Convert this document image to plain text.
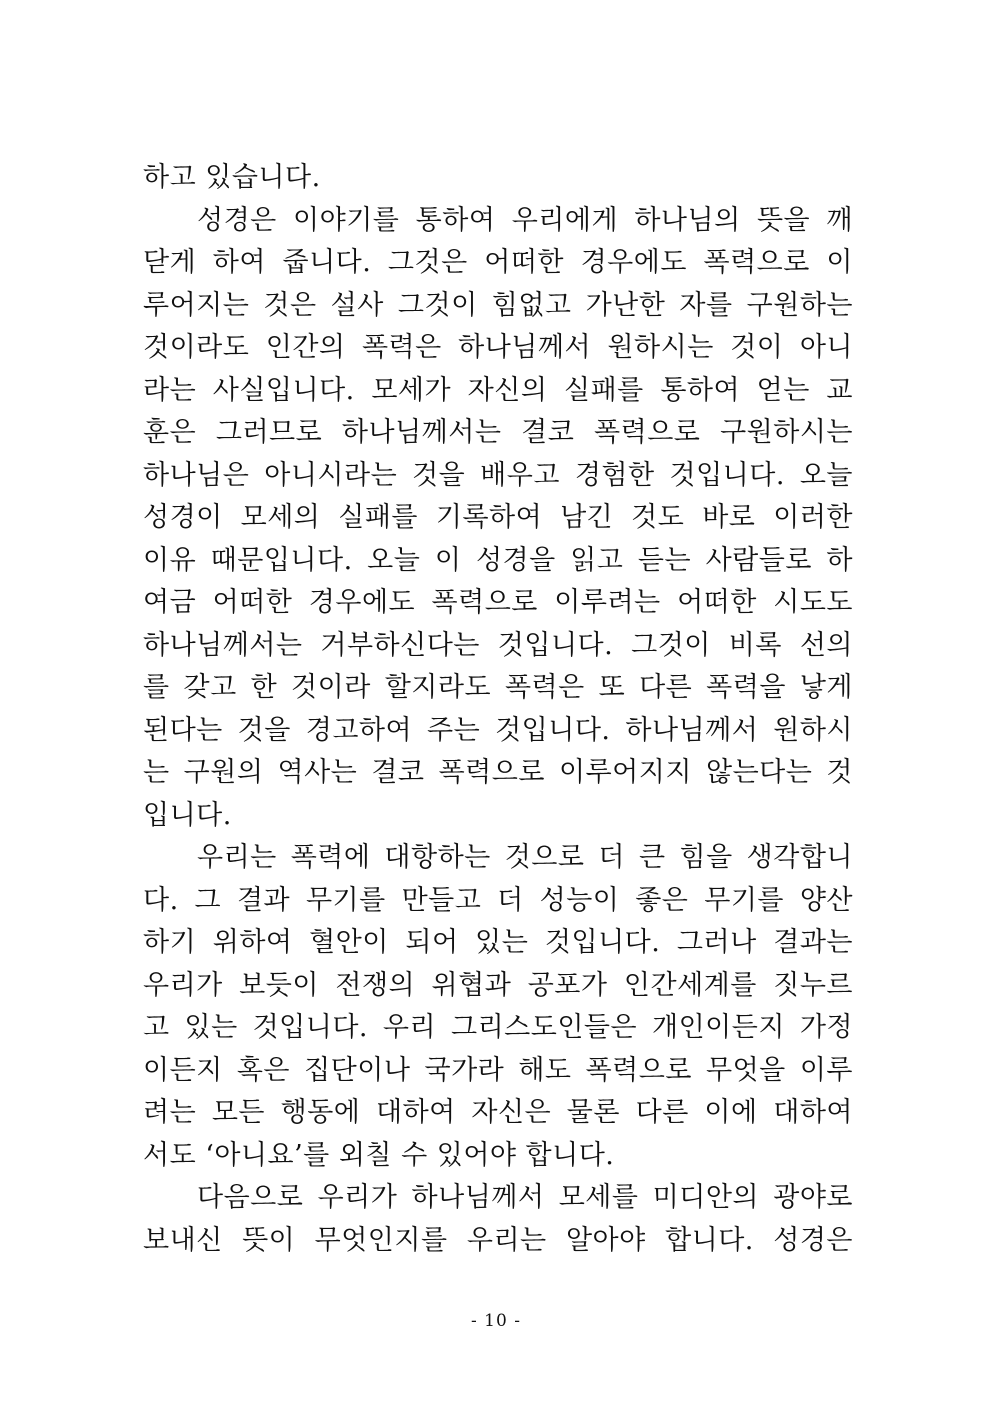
하고 있습니다.
성경은 이야기를 통하여 우리에게 하나님의 뜻을 깨
닫게 하여 줍니다. 그것은 어떠한 경우에도 폭력으로 이
루어지는 것은 설사 그것이 힘없고 가난한 자를 구원하는
것이라도 인간의 폭력은 하나님께서 원하시는 것이 아니
라는 사실입니다. 모세가 자신의 실패를 통하여 얻는 교
훈은 그러므로 하나님께서는 결코 폭력으로 구원하시는
하나님은 아니시라는 것을 배우고 경험한 것입니다. 오늘
성경이 모세의 실패를 기록하여 남긴 것도 바로 이러한
이유 때문입니다. 오늘 이 성경을 읽고 듣는 사람들로 하
여금 어떠한 경우에도 폭력으로 이루려는 어떠한 시도도
하나님께서는 거부하신다는 것입니다. 그것이 비록 선의
를 갖고 한 것이라 할지라도 폭력은 또 다른 폭력을 낳게
된다는 것을 경고하여 주는 것입니다. 하나님께서 원하시
는 구원의 역사는 결코 폭력으로 이루어지지 않는다는 것
입니다.
우리는 폭력에 대항하는 것으로 더 큰 힘을 생각합니
다. 그 결과 무기를 만들고 더 성능이 좋은 무기를 양산
하기 위하여 혈안이 되어 있는 것입니다. 그러나 결과는
우리가 보듯이 전쟁의 위협과 공포가 인간세계를 짓누르
고 있는 것입니다. 우리 그리스도인들은 개인이든지 가정
이든지 혹은 집단이나 국가라 해도 폭력으로 무엇을 이루
려는 모든 행동에 대하여 자신은 물론 다른 이에 대하여
서도 ‘아니요’를 외칠 수 있어야 합니다.
다음으로 우리가 하나님께서 모세를 미디안의 광야로
보내신 뜻이 무엇인지를 우리는 알아야 합니다. 성경은
- 10 -
